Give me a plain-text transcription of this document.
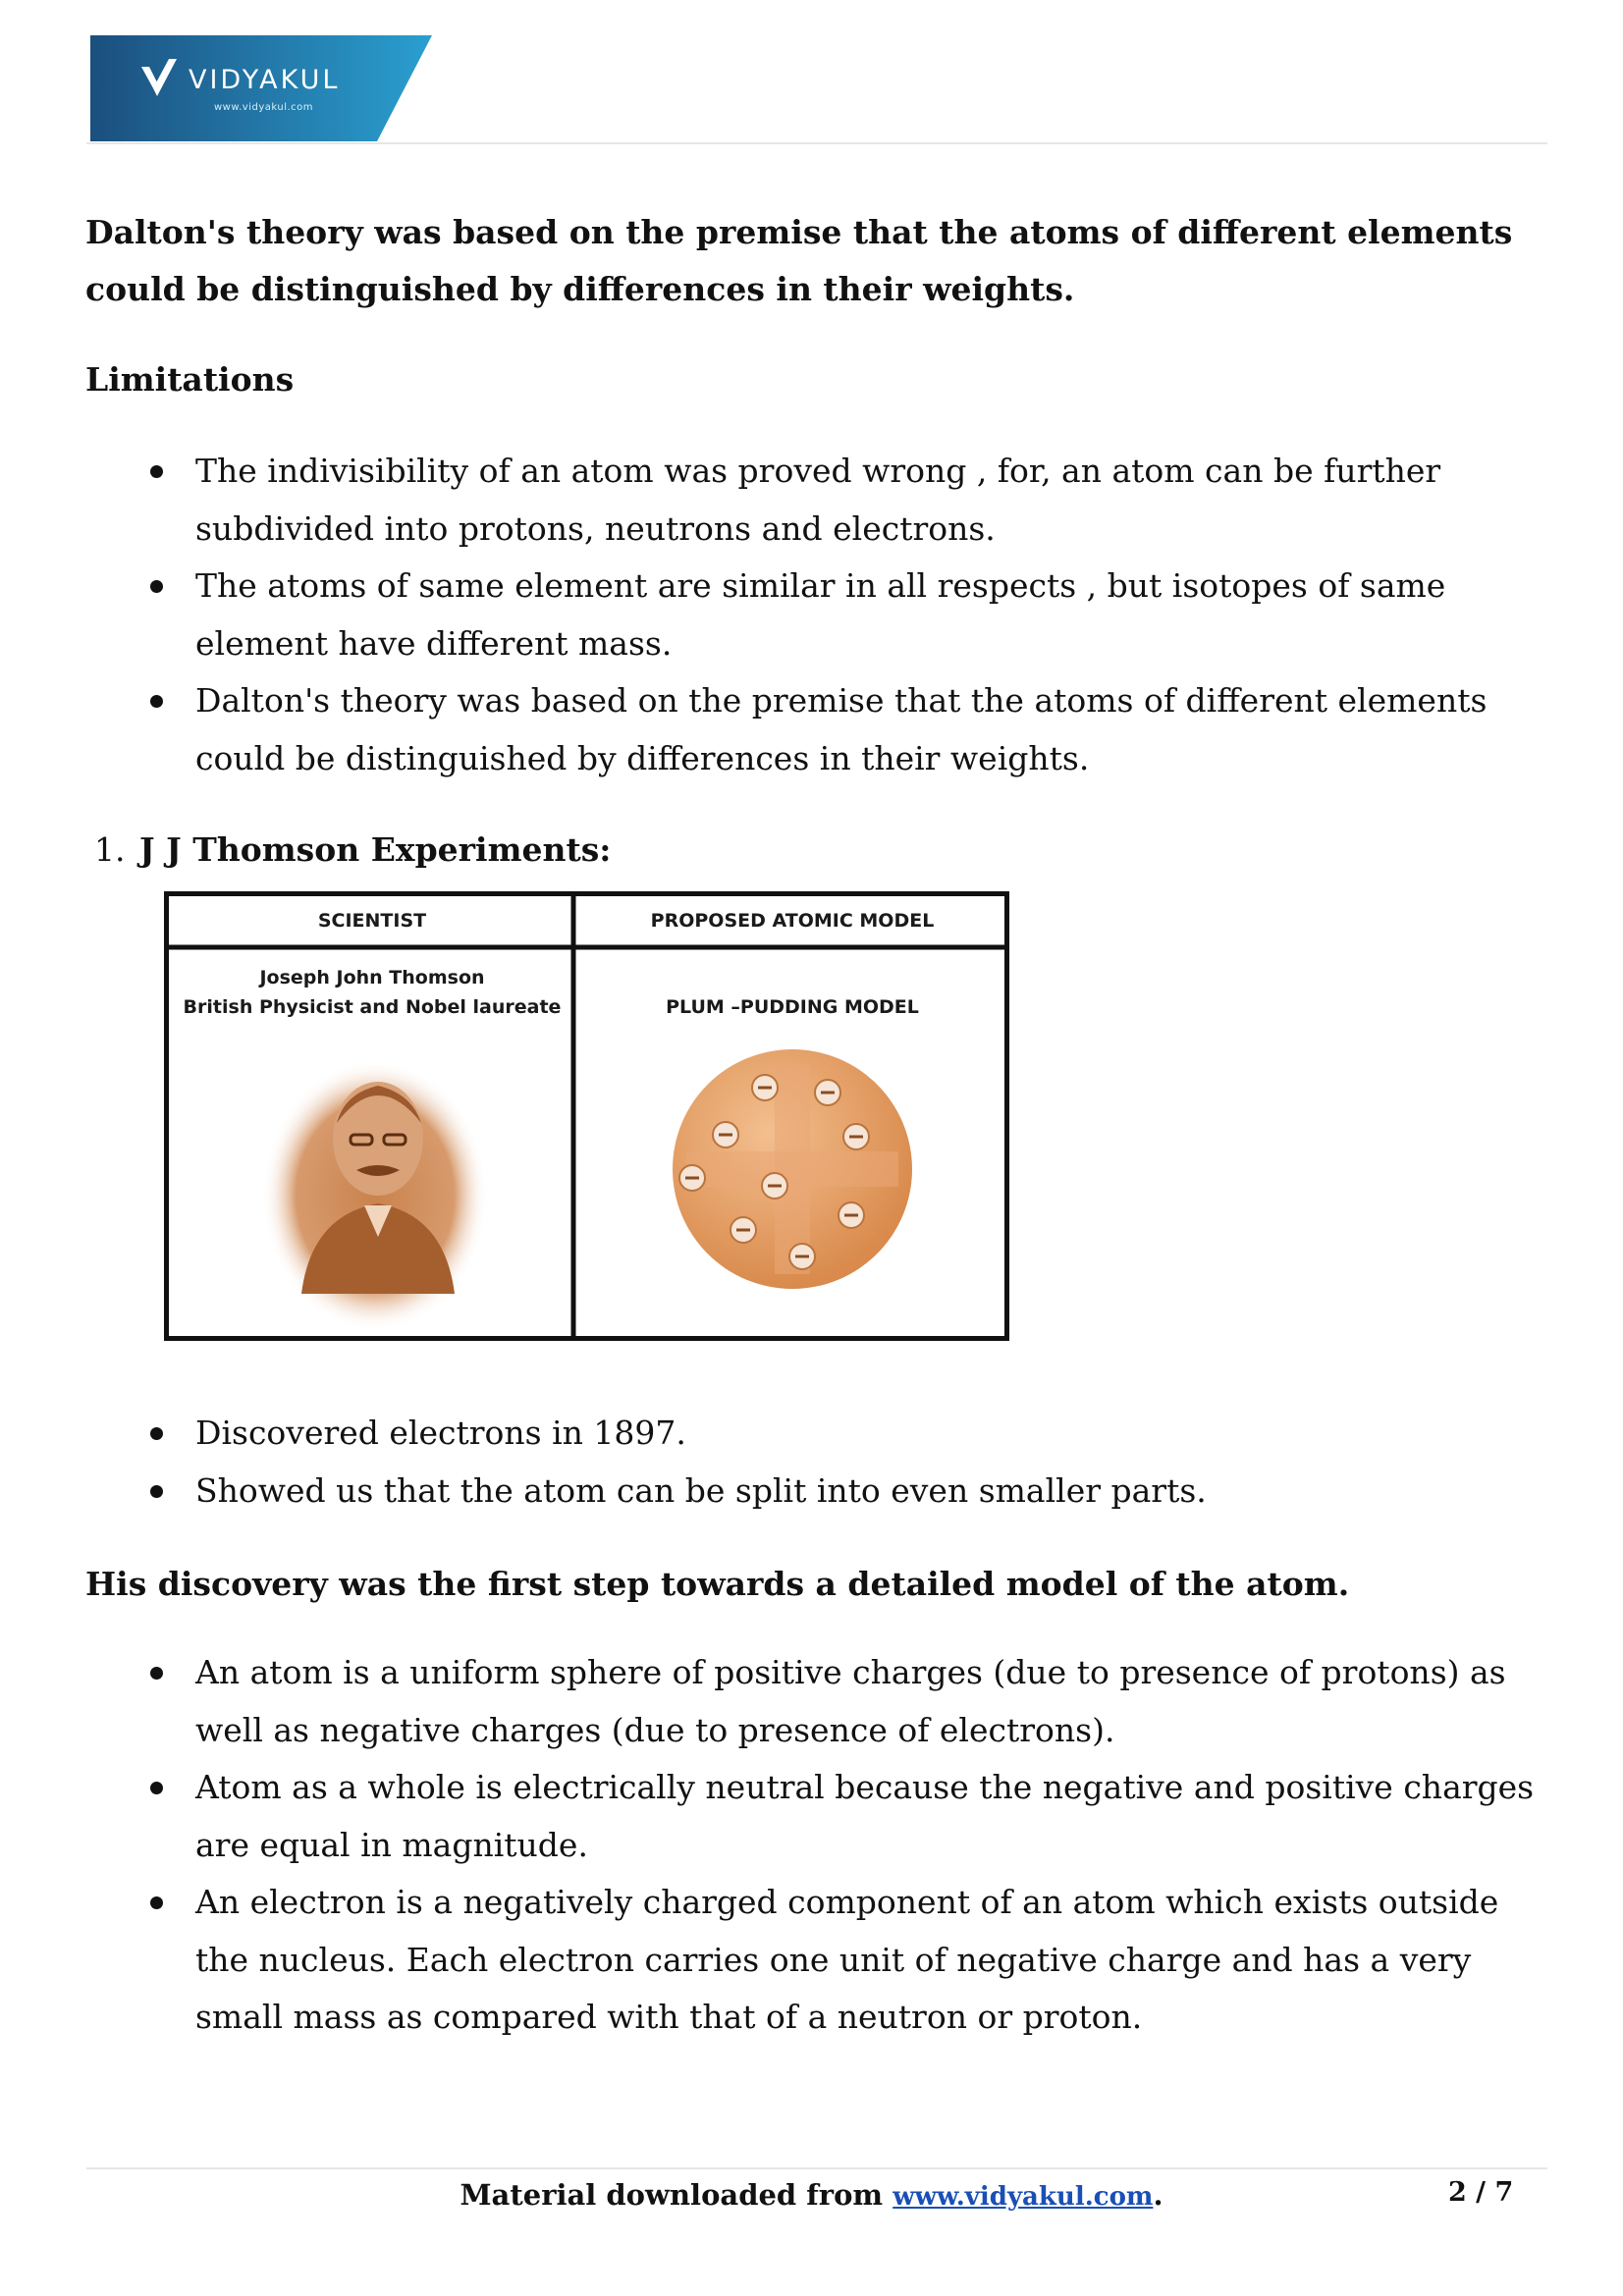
VIDYAKUL
www.vidyakul.com

Dalton's theory was based on the premise that the atoms of different elements could be distinguished by differences in their weights.

Limitations

The indivisibility of an atom was proved wrong , for, an atom can be further subdivided into protons, neutrons and electrons.
The atoms of same element are similar in all respects , but isotopes of same element have different mass.
Dalton's theory was based on the premise that the atoms of different elements could be distinguished by differences in their weights.
1. J J Thomson Experiments:
SCIENTIST	PROPOSED ATOMIC MODEL
Joseph John Thomson
British Physicist and Nobel laureate	PLUM –PUDDING MODEL
Discovered electrons in 1897.
Showed us that the atom can be split into even smaller parts.

His discovery was the first step towards a detailed model of the atom.

An atom is a uniform sphere of positive charges (due to presence of protons) as well as negative charges (due to presence of electrons).
Atom as a whole is electrically neutral because the negative and positive charges are equal in magnitude.
An electron is a negatively charged component of an atom which exists outside the nucleus. Each electron carries one unit of negative charge and has a very small mass as compared with that of a neutron or proton.
Material downloaded from www.vidyakul.com.	2 / 7
